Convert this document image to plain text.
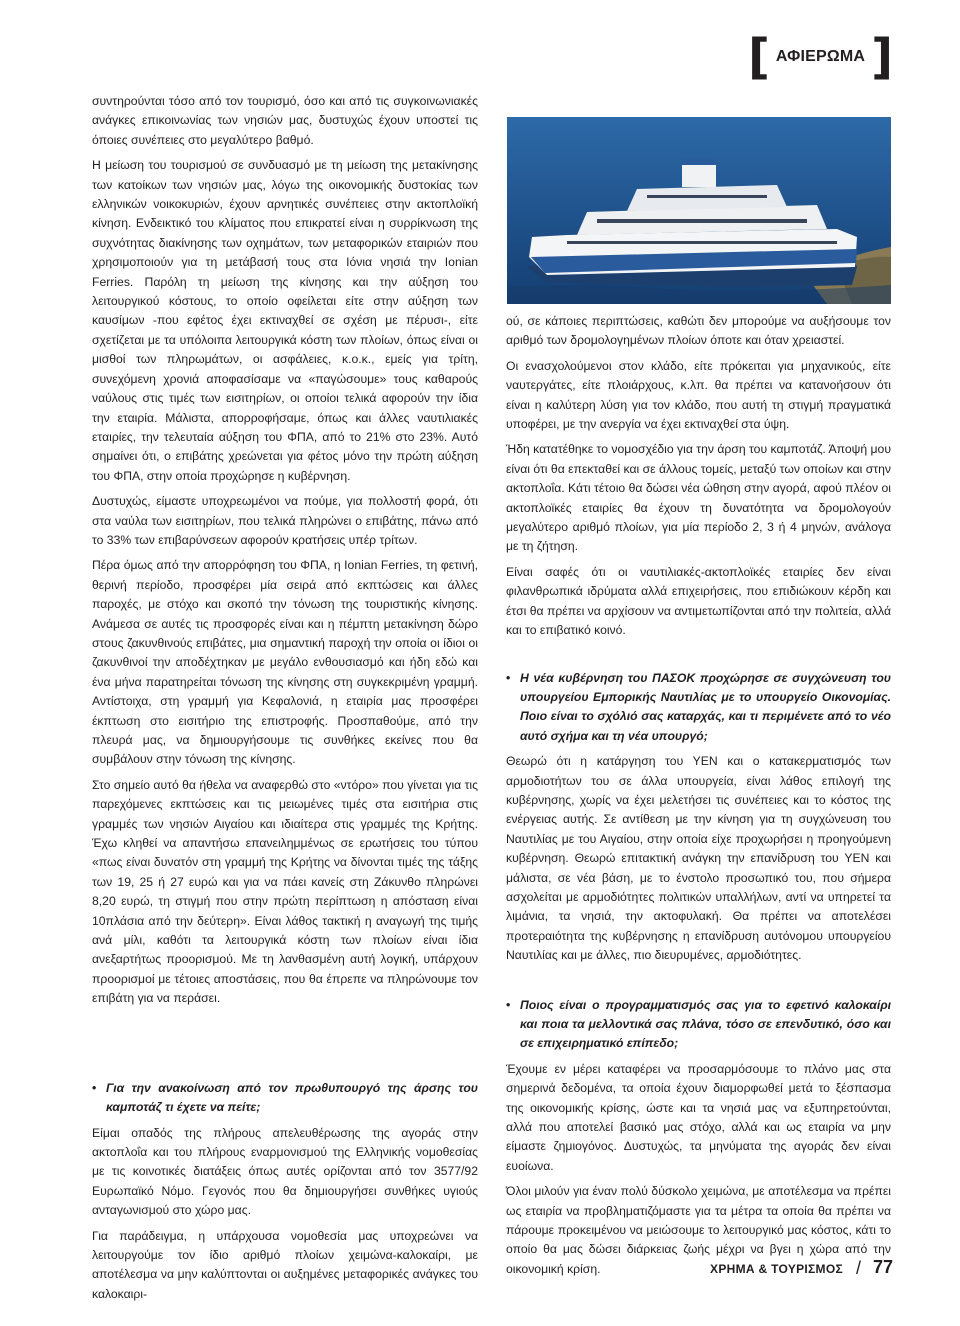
[ ΑΦΙΕΡΩΜΑ ]

συντηρούνται τόσο από τον τουρισμό, όσο και από τις συγκοινωνιακές ανάγκες επικοινωνίας των νησιών μας, δυστυχώς έχουν υποστεί τις όποιες συνέπειες στο μεγαλύτερο βαθμό.

Η μείωση του τουρισμού σε συνδυασμό με τη μείωση της μετακίνησης των κατοίκων των νησιών μας, λόγω της οικονομικής δυστοκίας των ελληνικών νοικοκυριών, έχουν αρνητικές συνέπειες στην ακτοπλοϊκή κίνηση. Ενδεικτικό του κλίματος που επικρατεί είναι η συρρίκνωση της συχνότητας διακίνησης των οχημάτων, των μεταφορικών εταιριών που χρησιμοποιούν για τη μετάβασή τους στα Ιόνια νησιά την Ionian Ferries. Παρόλη τη μείωση της κίνησης και την αύξηση του λειτουργικού κόστους, το οποίο οφείλεται είτε στην αύξηση των καυσίμων -που εφέτος έχει εκτιναχθεί σε σχέση με πέρυσι-, είτε σχετίζεται με τα υπόλοιπα λειτουργικά κόστη των πλοίων, όπως είναι οι μισθοί των πληρωμάτων, οι ασφάλειες, κ.ο.κ., εμείς για τρίτη, συνεχόμενη χρονιά αποφασίσαμε να «παγώσουμε» τους καθαρούς ναύλους στις τιμές των εισιτηρίων, οι οποίοι τελικά αφορούν την ίδια την εταιρία. Μάλιστα, απορροφήσαμε, όπως και άλλες ναυτιλιακές εταιρίες, την τελευταία αύξηση του ΦΠΑ, από το 21% στο 23%. Αυτό σημαίνει ότι, ο επιβάτης χρεώνεται για φέτος μόνο την πρώτη αύξηση του ΦΠΑ, στην οποία προχώρησε η κυβέρνηση.

Δυστυχώς, είμαστε υποχρεωμένοι να πούμε, για πολλοστή φορά, ότι στα ναύλα των εισιτηρίων, που τελικά πληρώνει ο επιβάτης, πάνω από το 33% των επιβαρύνσεων αφορούν κρατήσεις υπέρ τρίτων.

Πέρα όμως από την απορρόφηση του ΦΠΑ, η Ionian Ferries, τη φετινή, θερινή περίοδο, προσφέρει μία σειρά από εκπτώσεις και άλλες παροχές, με στόχο και σκοπό την τόνωση της τουριστικής κίνησης. Ανάμεσα σε αυτές τις προσφορές είναι και η πέμπτη μετακίνηση δώρο στους ζακυνθινούς επιβάτες, μια σημαντική παροχή την οποία οι ίδιοι οι ζακυνθινοί την αποδέχτηκαν με μεγάλο ενθουσιασμό και ήδη εδώ και ένα μήνα παρατηρείται τόνωση της κίνησης στη συγκεκριμένη γραμμή. Αντίστοιχα, στη γραμμή για Κεφαλονιά, η εταιρία μας προσφέρει έκπτωση στο εισιτήριο της επιστροφής. Προσπαθούμε, από την πλευρά μας, να δημιουργήσουμε τις συνθήκες εκείνες που θα συμβάλουν στην τόνωση της κίνησης.

Στο σημείο αυτό θα ήθελα να αναφερθώ στο «ντόρο» που γίνεται για τις παρεχόμενες εκπτώσεις και τις μειωμένες τιμές στα εισιτήρια στις γραμμές των νησιών Αιγαίου και ιδιαίτερα στις γραμμές της Κρήτης. Έχω κληθεί να απαντήσω επανειλημμένως σε ερωτήσεις του τύπου «πως είναι δυνατόν στη γραμμή της Κρήτης να δίνονται τιμές της τάξης των 19, 25 ή 27 ευρώ και για να πάει κανείς στη Ζάκυνθο πληρώνει 8,20 ευρώ, τη στιγμή που στην πρώτη περίπτωση η απόσταση είναι 10πλάσια από την δεύτερη». Είναι λάθος τακτική η αναγωγή της τιμής ανά μίλι, καθότι τα λειτουργικά κόστη των πλοίων είναι ίδια ανεξαρτήτως προορισμού. Με τη λανθασμένη αυτή λογική, υπάρχουν προορισμοί με τέτοιες αποστάσεις, που θα έπρεπε να πληρώνουμε τον επιβάτη για να περάσει.

• Για την ανακοίνωση από τον πρωθυπουργό της άρσης του καμποτάζ τι έχετε να πείτε;

Είμαι οπαδός της πλήρους απελευθέρωσης της αγοράς στην ακτοπλοΐα και του πλήρους εναρμονισμού της Ελληνικής νομοθεσίας με τις κοινοτικές διατάξεις όπως αυτές ορίζονται από τον 3577/92 Ευρωπαϊκό Νόμο. Γεγονός που θα δημιουργήσει συνθήκες υγιούς ανταγωνισμού στο χώρο μας.

Για παράδειγμα, η υπάρχουσα νομοθεσία μας υποχρεώνει να λειτουργούμε τον ίδιο αριθμό πλοίων χειμώνα-καλοκαίρι, με αποτέλεσμα να μην καλύπτονται οι αυξημένες μεταφορικές ανάγκες του καλοκαιρι-

ού, σε κάποιες περιπτώσεις, καθώτι δεν μπορούμε να αυξήσουμε τον αριθμό των δρομολογημένων πλοίων όποτε και όταν χρειαστεί.

Οι ενασχολούμενοι στον κλάδο, είτε πρόκειται για μηχανικούς, είτε ναυτεργάτες, είτε πλοιάρχους, κ.λπ. θα πρέπει να κατανοήσουν ότι είναι η καλύτερη λύση για τον κλάδο, που αυτή τη στιγμή πραγματικά υποφέρει, με την ανεργία να έχει εκτιναχθεί στα ύψη.

Ήδη κατατέθηκε το νομοσχέδιο για την άρση του καμποτάζ. Άποψή μου είναι ότι θα επεκταθεί και σε άλλους τομείς, μεταξύ των οποίων και στην ακτοπλοΐα. Κάτι τέτοιο θα δώσει νέα ώθηση στην αγορά, αφού πλέον οι ακτοπλοϊκές εταιρίες θα έχουν τη δυνατότητα να δρομολογούν μεγαλύτερο αριθμό πλοίων, για μία περίοδο 2, 3 ή 4 μηνών, ανάλογα με τη ζήτηση.

Είναι σαφές ότι οι ναυτιλιακές-ακτοπλοϊκές εταιρίες δεν είναι φιλανθρωπικά ιδρύματα αλλά επιχειρήσεις, που επιδιώκουν κέρδη και έτσι θα πρέπει να αρχίσουν να αντιμετωπίζονται από την πολιτεία, αλλά και το επιβατικό κοινό.

• Η νέα κυβέρνηση του ΠΑΣΟΚ προχώρησε σε συγχώνευση του υπουργείου Εμπορικής Ναυτιλίας με το υπουργείο Οικονομίας. Ποιο είναι το σχόλιό σας καταρχάς, και τι περιμένετε από το νέο αυτό σχήμα και τη νέα υπουργό;

Θεωρώ ότι η κατάργηση του ΥΕΝ και ο κατακερματισμός των αρμοδιοτήτων του σε άλλα υπουργεία, είναι λάθος επιλογή της κυβέρνησης, χωρίς να έχει μελετήσει τις συνέπειες και το κόστος της ενέργειας αυτής. Σε αντίθεση με την κίνηση για τη συγχώνευση του Ναυτιλίας με του Αιγαίου, στην οποία είχε προχωρήσει η προηγούμενη κυβέρνηση. Θεωρώ επιτακτική ανάγκη την επανίδρυση του ΥΕΝ και μάλιστα, σε νέα βάση, με το ένστολο προσωπικό του, που σήμερα ασχολείται με αρμοδιότητες πολιτικών υπαλλήλων, αντί να υπηρετεί τα λιμάνια, τα νησιά, την ακτοφυλακή. Θα πρέπει να αποτελέσει προτεραιότητα της κυβέρνησης η επανίδρυση αυτόνομου υπουργείου Ναυτιλίας και με άλλες, πιο διευρυμένες, αρμοδιότητες.

• Ποιος είναι ο προγραμματισμός σας για το εφετινό καλοκαίρι και ποια τα μελλοντικά σας πλάνα, τόσο σε επενδυτικό, όσο και σε επιχειρηματικό επίπεδο;

Έχουμε εν μέρει καταφέρει να προσαρμόσουμε το πλάνο μας στα σημερινά δεδομένα, τα οποία έχουν διαμορφωθεί μετά το ξέσπασμα της οικονομικής κρίσης, ώστε και τα νησιά μας να εξυπηρετούνται, αλλά που αποτελεί βασικό μας στόχο, αλλά και ως εταιρία να μην είμαστε ζημιογόνος. Δυστυχώς, τα μηνύματα της αγοράς δεν είναι ευοίωνα.

Όλοι μιλούν για έναν πολύ δύσκολο χειμώνα, με αποτέλεσμα να πρέπει ως εταιρία να προβληματιζόμαστε για τα μέτρα τα οποία θα πρέπει να πάρουμε προκειμένου να μειώσουμε το λειτουργικό μας κόστος, κάτι το οποίο θα μας δώσει διάρκειας ζωής μέχρι να βγει η χώρα από την οικονομική κρίση.	ΧΡΗΜΑ & ΤΟΥΡΙΣΜΟΣ / 77
